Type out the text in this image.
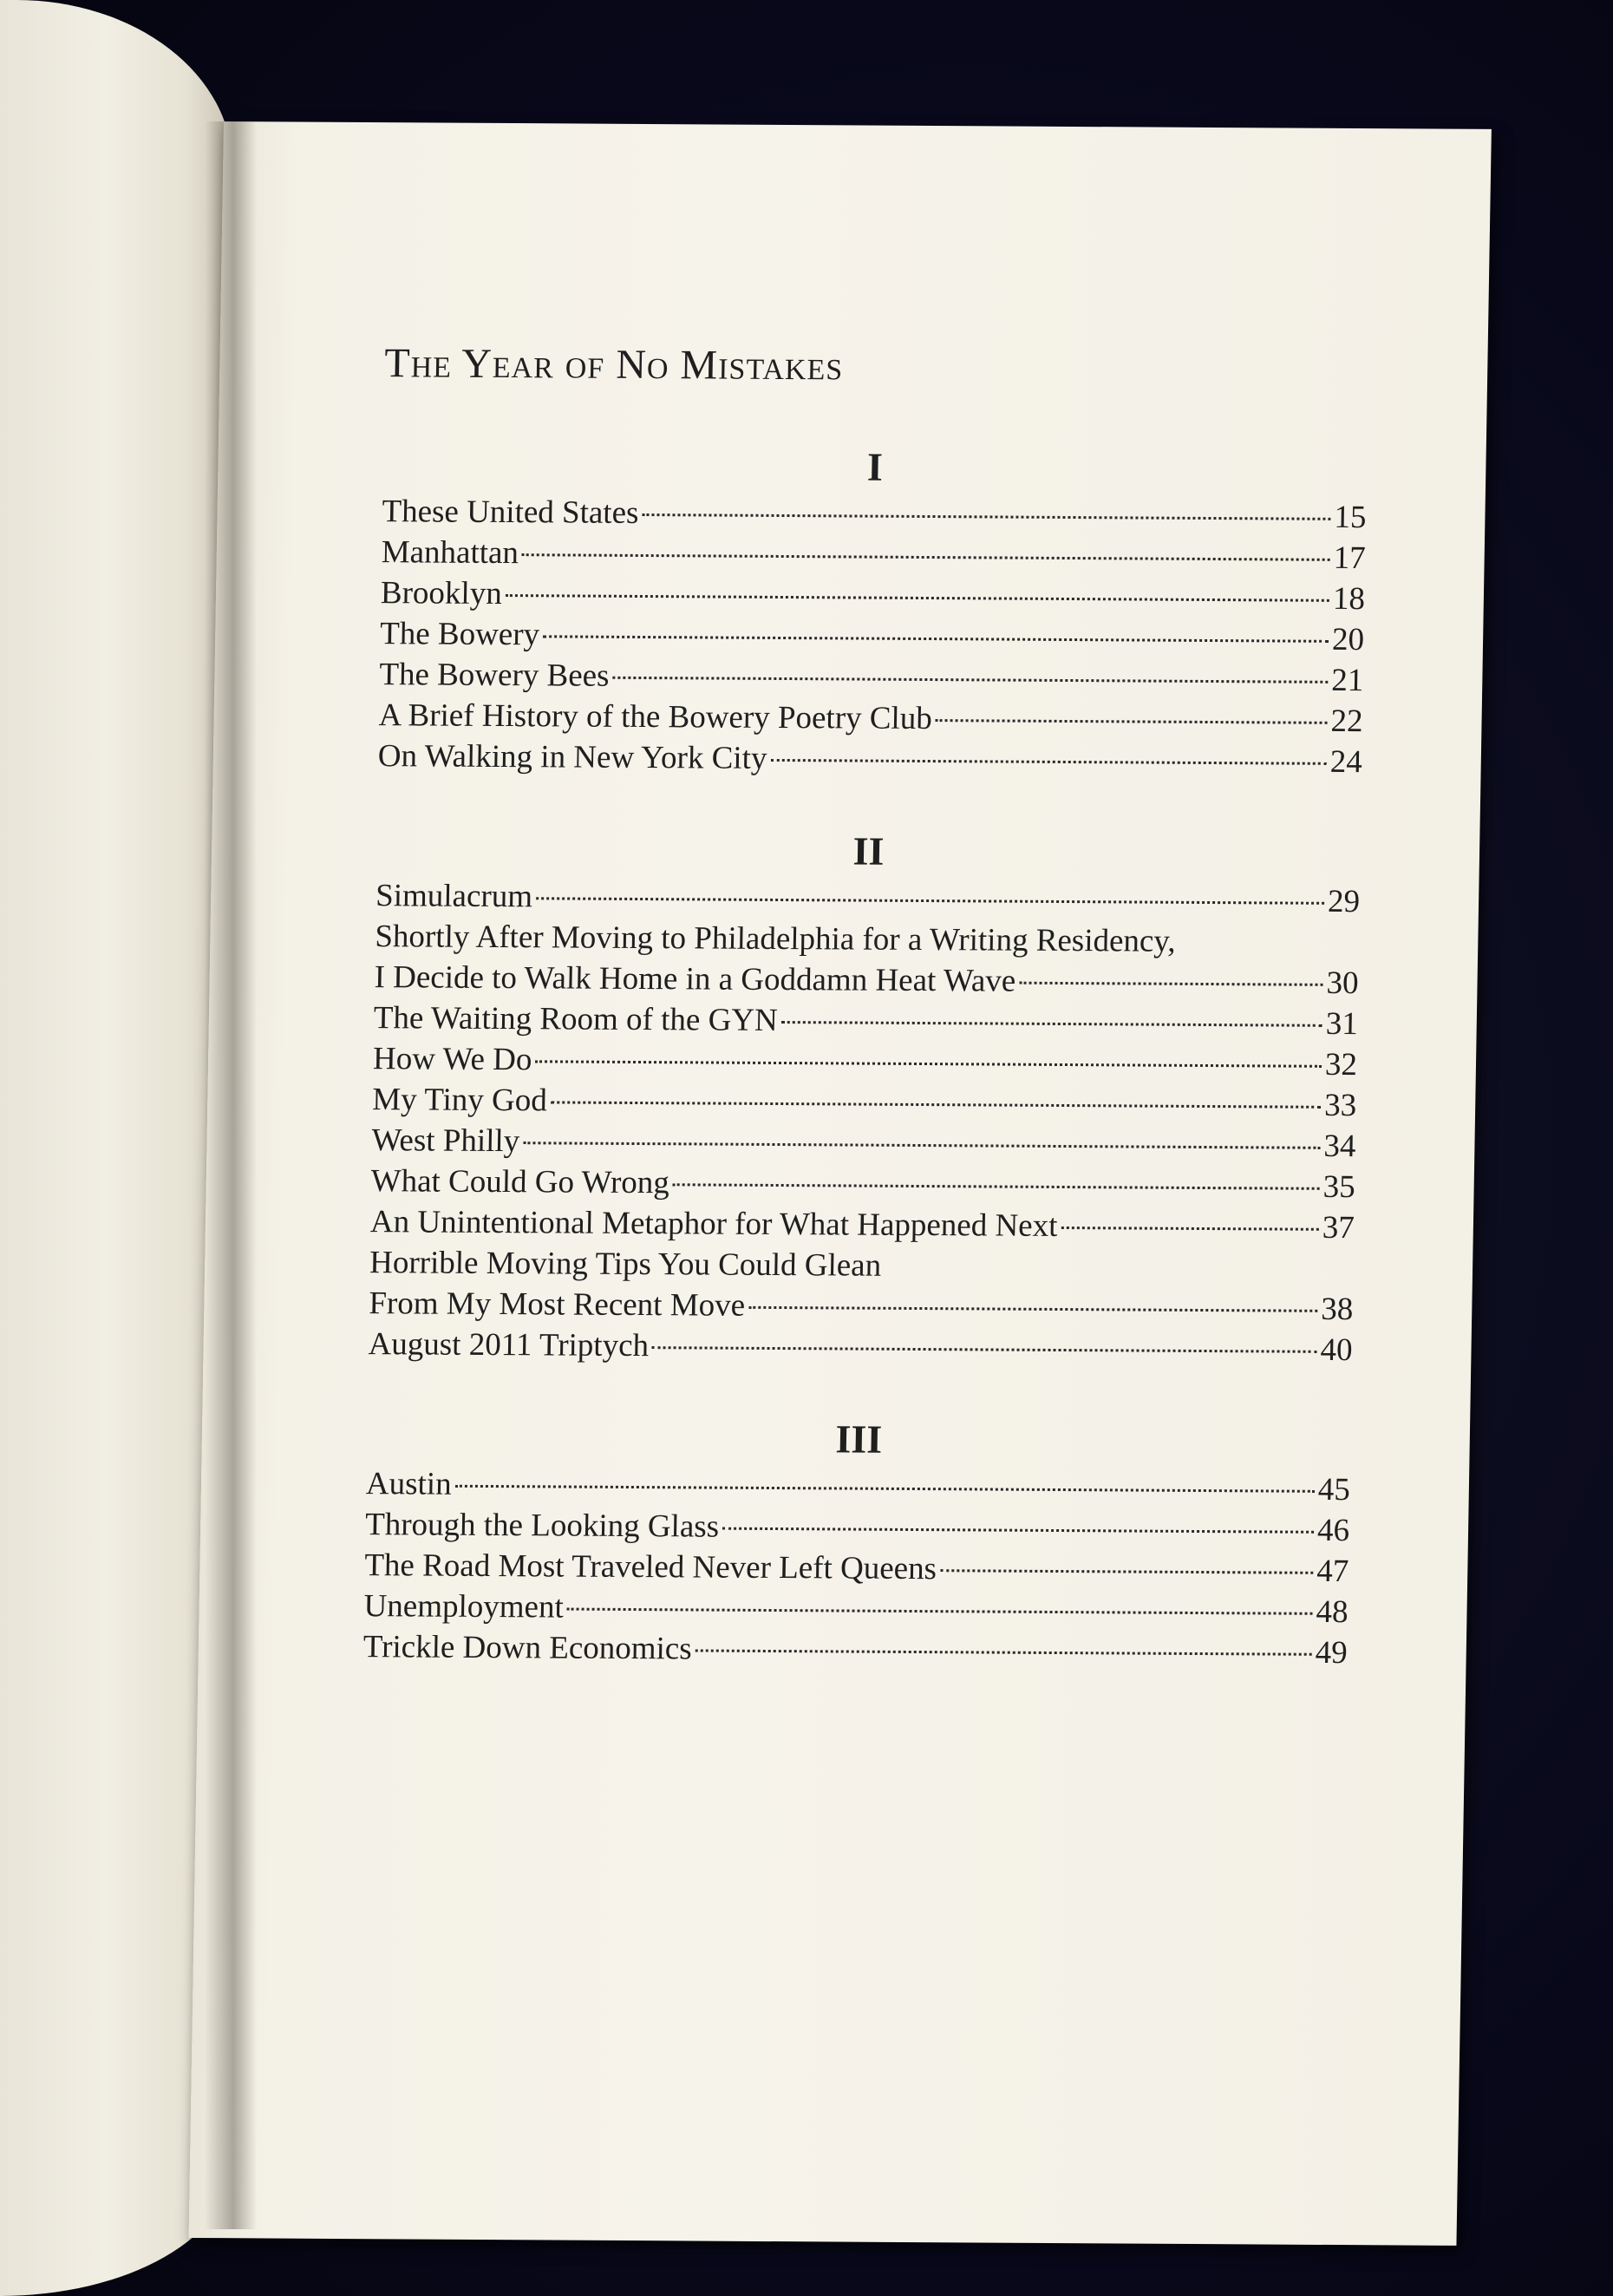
The Year of No Mistakes
I
These United States	15
Manhattan	17
Brooklyn	18
The Bowery	20
The Bowery Bees	21
A Brief History of the Bowery Poetry Club	22
On Walking in New York City	24
II
Simulacrum	29
Shortly After Moving to Philadelphia for a Writing Residency,
I Decide to Walk Home in a Goddamn Heat Wave	30
The Waiting Room of the GYN	31
How We Do	32
My Tiny God	33
West Philly	34
What Could Go Wrong	35
An Unintentional Metaphor for What Happened Next	37
Horrible Moving Tips You Could Glean
From My Most Recent Move	38
August 2011 Triptych	40
III
Austin	45
Through the Looking Glass	46
The Road Most Traveled Never Left Queens	47
Unemployment	48
Trickle Down Economics	49
